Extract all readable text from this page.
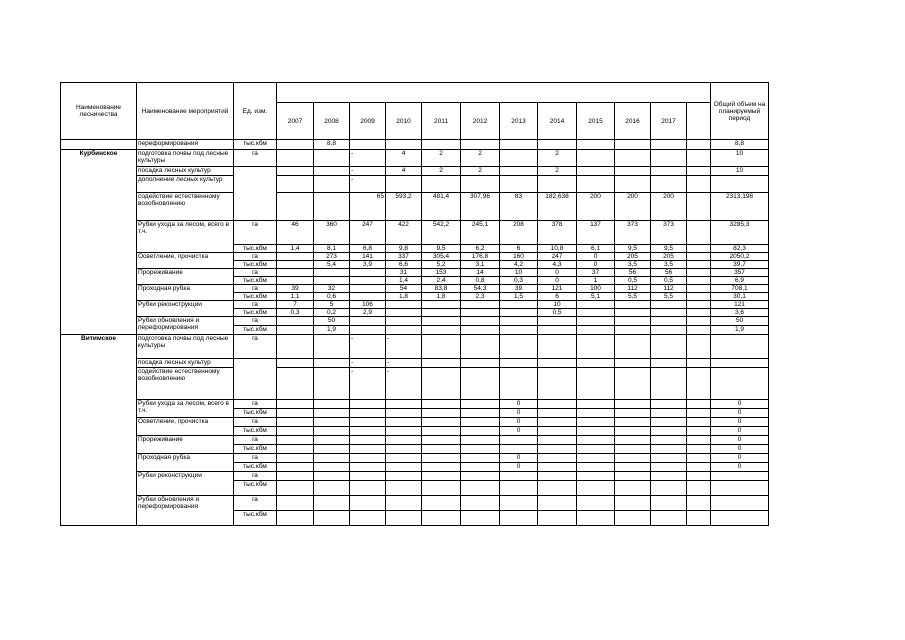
Наименование лесничества	Наименование мероприятий	Ед. изм.													Общий объем на планируемый период
			2007	2008	2009	2010	2011	2012	2013	2014	2015	2016	2017		
	переформирования	тыс.кбм		8,8											8,8
Курбинское	подготовка почвы под лесные культуры	га			-	4	2	2		2					10
	посадка лесных культур				-	4	2	2		2					10
	дополнение лесных культур				-										
	содействие естественному возобновлению				65	593,2	481,4	307,96	83	182,638	200	200	200		2313,198
	Рубки ухода за лесом, всего в т.ч.	га	46	360	247	422	542,2	245,1	208	378	137	373	373		3285,3
		тыс.кбм	1,4	8,1	6,8	9,8	9,5	6,2	6	10,8	6,1	9,5	9,5		82,3
	Осветление, прочистка	га		273	141	337	305,4	176,8	160	247	0	205	205		2050,2
		тыс.кбм		5,4	3,9	6,6	5,2	3,1	4,2	4,3	0	3,5	3,5		39,7
	Прореживание	га				31	153	14	10	0	37	56	56		357
		тыс.кбм				1,4	2,4	0,8	0,3	0	1	0,5	0,5		6,9
	Проходная рубка	га	39	32		54	83,8	54,3	39	121	100	112	112		708,1
		тыс.кбм	1,1	0,6		1,8	1,8	2,3	1,5	6	5,1	5,5	5,5		30,1
	Рубки реконструкции	га	7	5	106					10					121
		тыс.кбм	0,3	0,2	2,9					0,5					3,6
	Рубки обновления и переформирования	га		50											50
		тыс.кбм		1,9											1,9
Витимское	подготовка почвы под лесные культуры	га			-	-									
	посадка лесных культур				-	-									
	содействие естественному возобновлению				-	-									
	Рубки ухода за лесом, всего в т.ч.	га							0						0
		тыс.кбм							0						0
	Осветление, прочистка	га							0						0
		тыс.кбм							0						0
	Прореживание	га													0
		тыс.кбм													0
	Проходная рубка	га							0						0
		тыс.кбм							0						0
	Рубки реконструкции	га													
		тыс.кбм													
	Рубки обновления и переформирования	га													
		тыс.кбм													
